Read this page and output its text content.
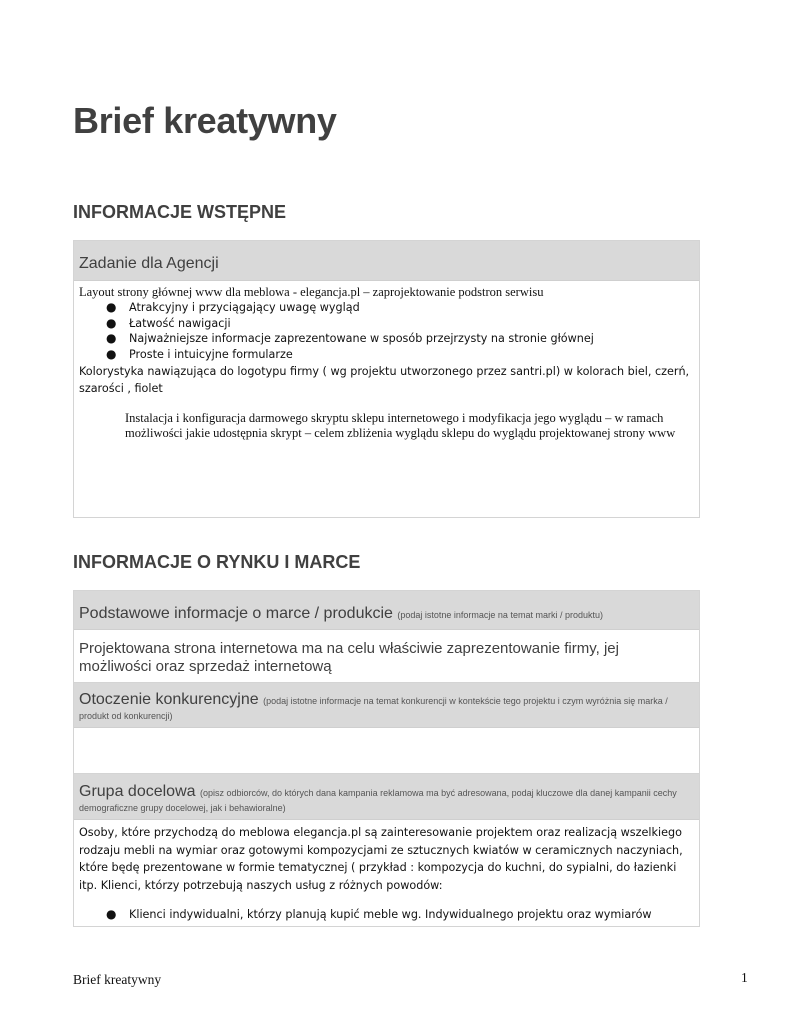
Brief kreatywny
INFORMACJE WSTĘPNE
Zadanie dla Agencji
Layout strony głównej www dla meblowa - elegancja.pl – zaprojektowanie podstron serwisu
● Atrakcyjny i przyciągający uwagę wygląd
● Łatwość nawigacji
● Najważniejsze informacje zaprezentowane w sposób przejrzysty na stronie głównej
● Proste i intuicyjne formularze
Kolorystyka nawiązująca do logotypu firmy ( wg projektu utworzonego przez santri.pl) w kolorach biel, czerń, szarości , fiolet
Instalacja i konfiguracja darmowego skryptu sklepu internetowego i modyfikacja jego wyglądu – w ramach możliwości jakie udostępnia skrypt – celem zbliżenia wyglądu sklepu do wyglądu projektowanej strony www
INFORMACJE O RYNKU I MARCE
Podstawowe informacje o marce / produkcie (podaj istotne informacje na temat marki / produktu)
Projektowana strona internetowa ma na celu właściwie zaprezentowanie firmy, jej możliwości oraz sprzedaż internetową
Otoczenie konkurencyjne (podaj istotne informacje na temat konkurencji w kontekście tego projektu i czym wyróżnia się marka / produkt od konkurencji)
Grupa docelowa (opisz odbiorców, do których dana kampania reklamowa ma być adresowana, podaj kluczowe dla danej kampanii cechy demograficzne grupy docelowej, jak i behawioralne)
Osoby, które przychodzą do meblowa elegancja.pl są zainteresowanie projektem oraz realizacją wszelkiego rodzaju mebli na wymiar oraz gotowymi kompozycjami ze sztucznych kwiatów w ceramicznych naczyniach, które będę prezentowane w formie tematycznej ( przykład : kompozycja do kuchni, do sypialni, do łazienki itp. Klienci, którzy potrzebują naszych usług z różnych powodów:
● Klienci indywidualni, którzy planują kupić meble wg. Indywidualnego projektu oraz wymiarów
Brief kreatywny	1
